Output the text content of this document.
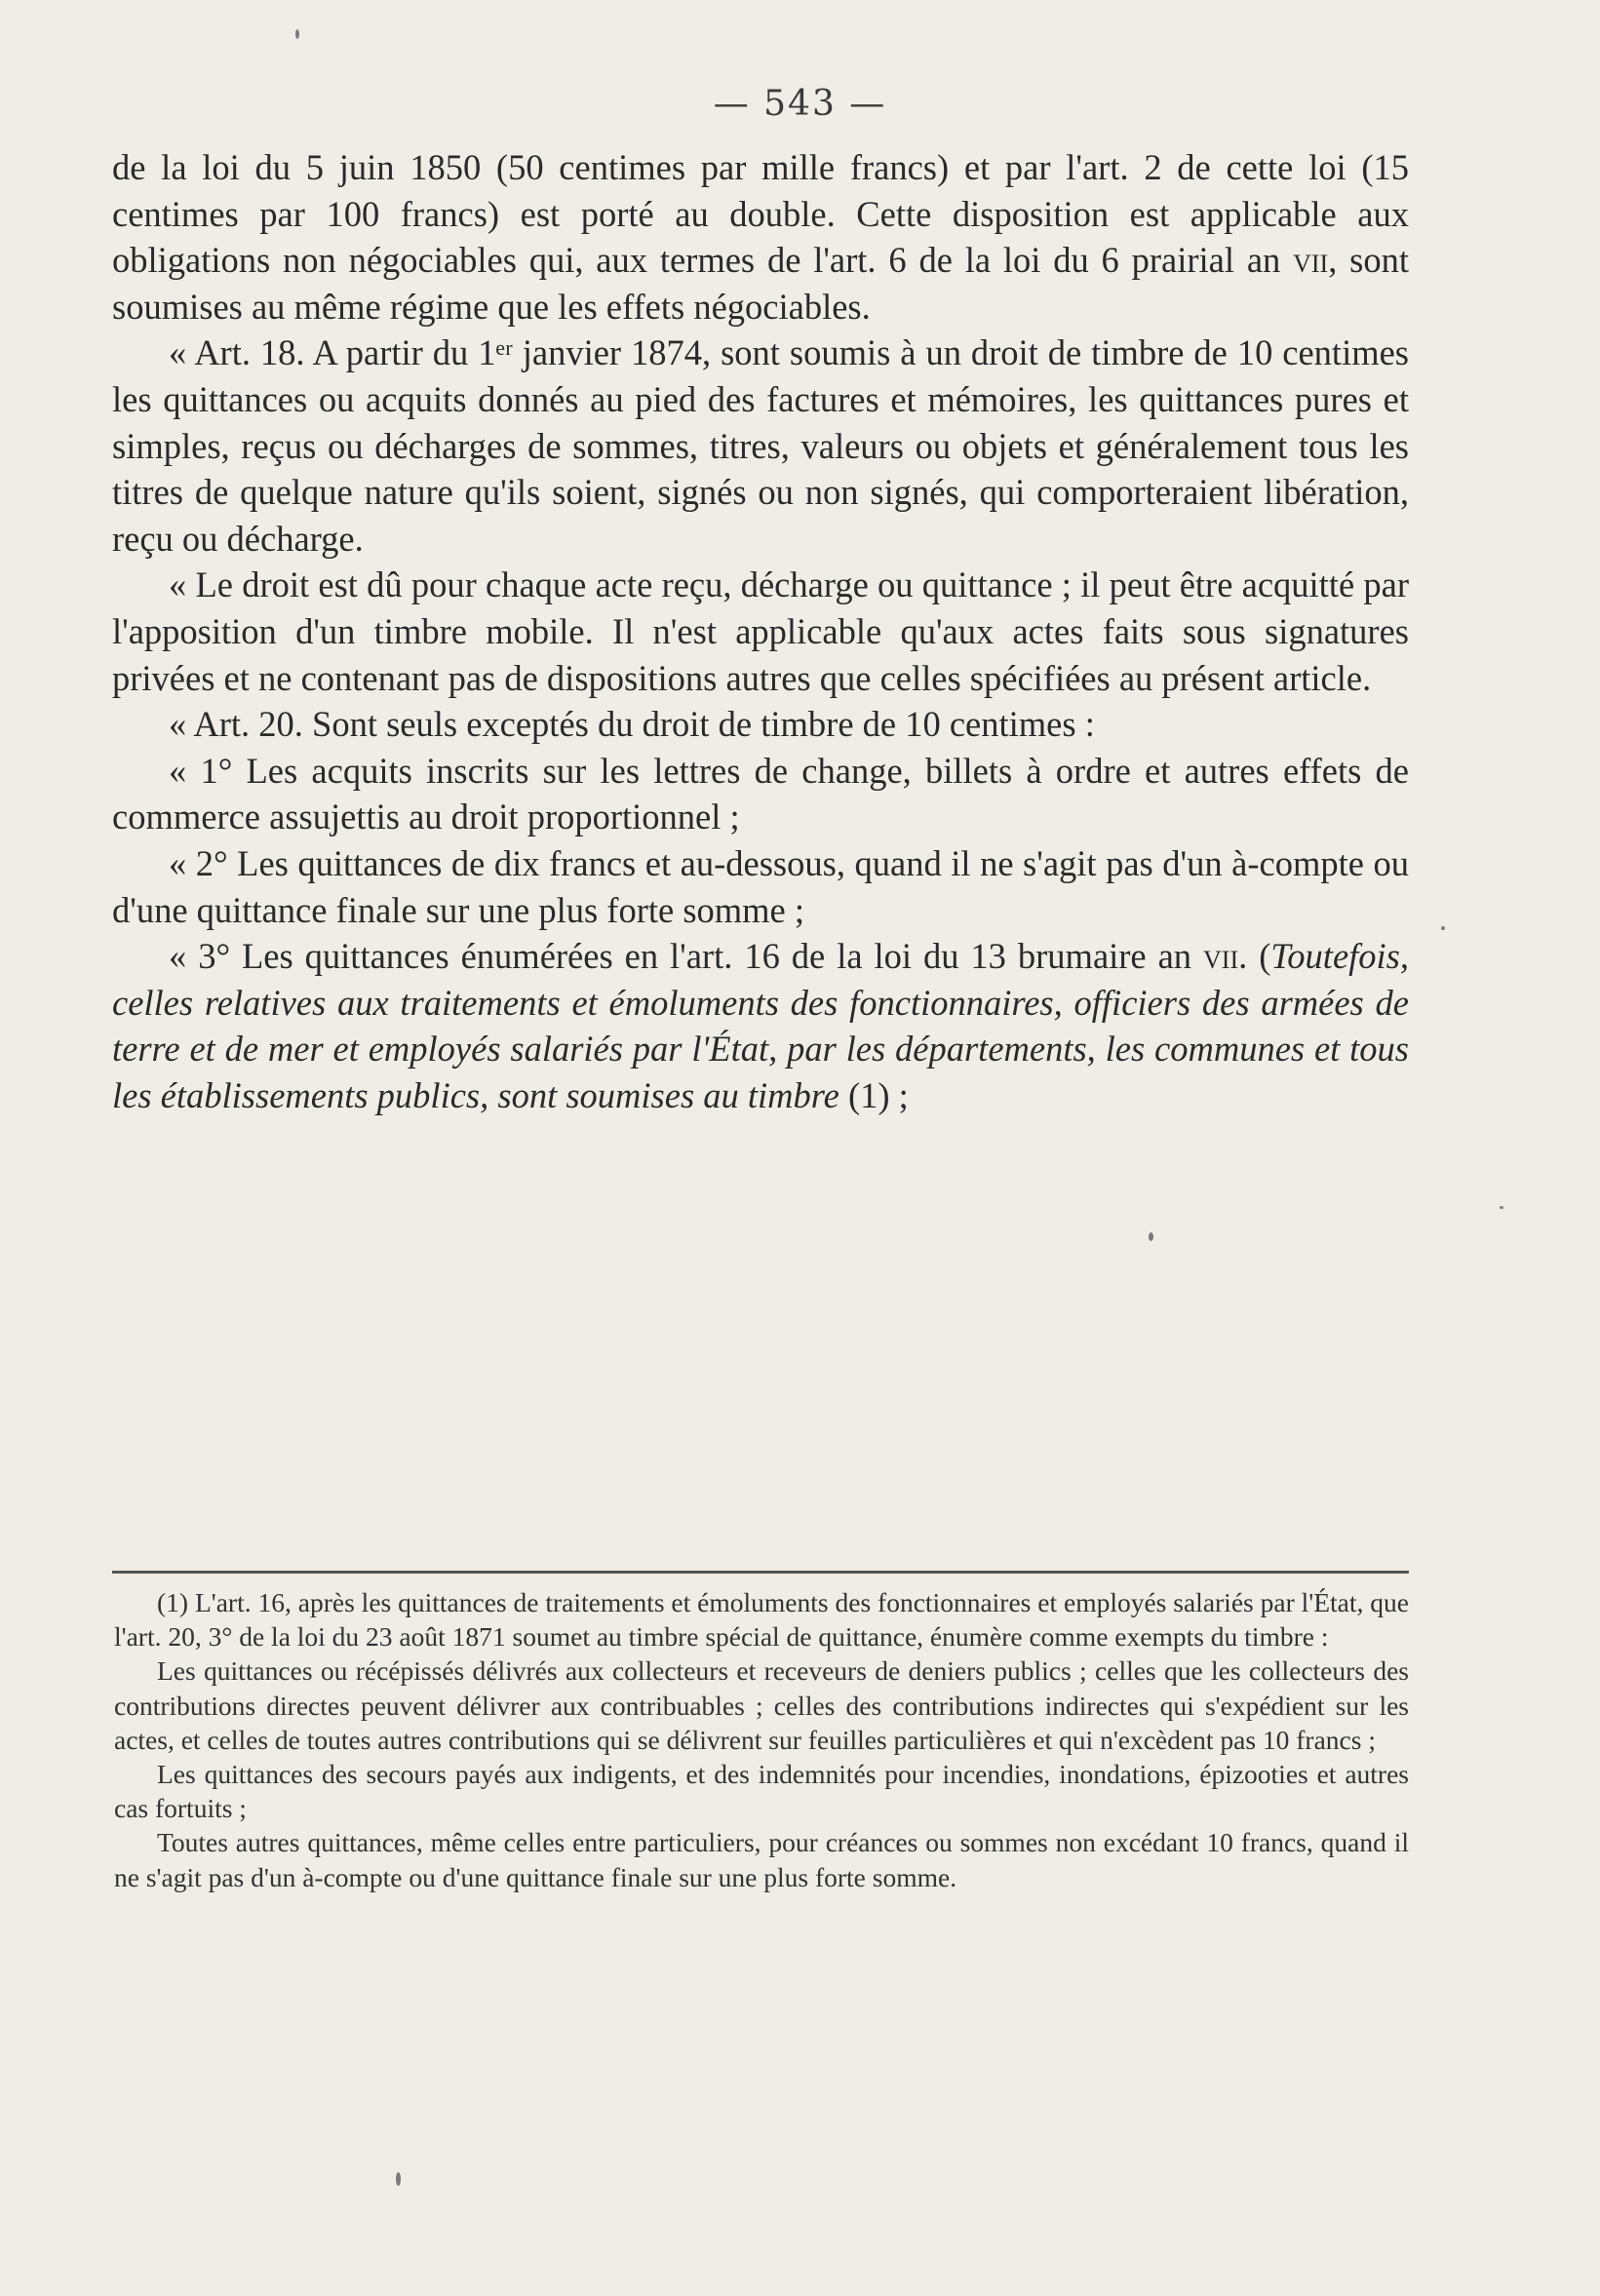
— 543 —

de la loi du 5 juin 1850 (50 centimes par mille francs) et par l'art. 2 de cette loi (15 centimes par 100 francs) est porté au double. Cette disposition est applicable aux obligations non négociables qui, aux termes de l'art. 6 de la loi du 6 prairial an vii, sont soumises au même régime que les effets négociables.

« Art. 18. A partir du 1ᵉʳ janvier 1874, sont soumis à un droit de timbre de 10 centimes les quittances ou acquits donnés au pied des factures et mémoires, les quittances pures et simples, reçus ou décharges de sommes, titres, valeurs ou objets et généralement tous les titres de quelque nature qu'ils soient, signés ou non signés, qui comporteraient libération, reçu ou décharge.

« Le droit est dû pour chaque acte reçu, décharge ou quittance ; il peut être acquitté par l'apposition d'un timbre mobile. Il n'est applicable qu'aux actes faits sous signatures privées et ne contenant pas de dispositions autres que celles spécifiées au présent article.

« Art. 20. Sont seuls exceptés du droit de timbre de 10 centimes :

« 1° Les acquits inscrits sur les lettres de change, billets à ordre et autres effets de commerce assujettis au droit proportionnel ;

« 2° Les quittances de dix francs et au-dessous, quand il ne s'agit pas d'un à-compte ou d'une quittance finale sur une plus forte somme ;

« 3° Les quittances énumérées en l'art. 16 de la loi du 13 brumaire an vii. (Toutefois, celles relatives aux traitements et émoluments des fonctionnaires, officiers des armées de terre et de mer et employés salariés par l'État, par les départements, les communes et tous les établissements publics, sont soumises au timbre (1) ;

(1) L'art. 16, après les quittances de traitements et émoluments des fonctionnaires et employés salariés par l'État, que l'art. 20, 3° de la loi du 23 août 1871 soumet au timbre spécial de quittance, énumère comme exempts du timbre :

Les quittances ou récépissés délivrés aux collecteurs et receveurs de deniers publics ; celles que les collecteurs des contributions directes peuvent délivrer aux contribuables ; celles des contributions indirectes qui s'expédient sur les actes, et celles de toutes autres contributions qui se délivrent sur feuilles particulières et qui n'excèdent pas 10 francs ;

Les quittances des secours payés aux indigents, et des indemnités pour incendies, inondations, épizooties et autres cas fortuits ;

Toutes autres quittances, même celles entre particuliers, pour créances ou sommes non excédant 10 francs, quand il ne s'agit pas d'un à-compte ou d'une quittance finale sur une plus forte somme.
